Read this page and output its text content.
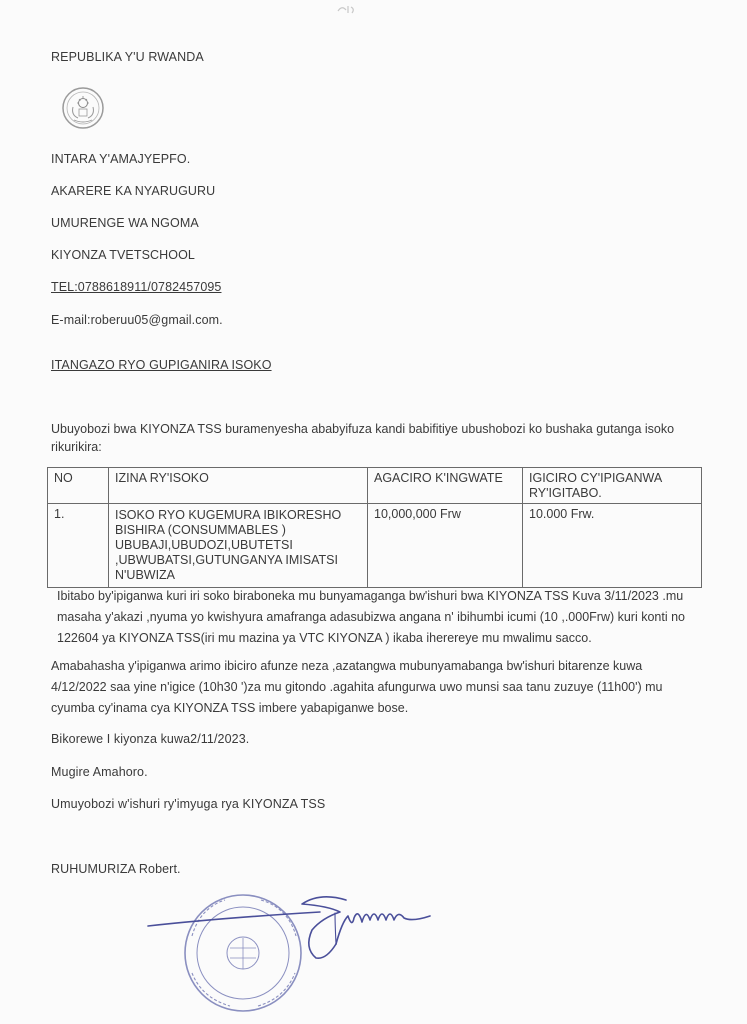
REPUBLIKA Y'U RWANDA
INTARA Y'AMAJYEPFO.
AKARERE KA NYARUGURU
UMURENGE WA NGOMA
KIYONZA TVETSCHOOL
TEL:0788618911/0782457095
E-mail:roberuu05@gmail.com.
ITANGAZO RYO GUPIGANIRA ISOKO
Ubuyobozi bwa KIYONZA TSS buramenyesha ababyifuza kandi babifitiye ubushobozi ko bushaka gutanga isoko rikurikira:
NO	IZINA RY'ISOKO	AGACIRO K'INGWATE	IGICIRO CY'IPIGANWA RY'IGITABO.
1.	ISOKO RYO KUGEMURA IBIKORESHO BISHIRA (CONSUMMABLES ) UBUBAJI,UBUDOZI,UBUTETSI ,UBWUBATSI,GUTUNGANYA IMISATSI N'UBWIZA	10,000,000 Frw	10.000 Frw.
Ibitabo by'ipiganwa kuri iri soko biraboneka mu bunyamaganga bw'ishuri bwa KIYONZA TSS Kuva 3/11/2023 .mu masaha y'akazi ,nyuma yo kwishyura amafranga adasubizwa angana n' ibihumbi icumi (10 ,.000Frw) kuri konti no 122604 ya KIYONZA TSS(iri mu mazina ya VTC KIYONZA ) ikaba iherereye mu mwalimu sacco.
Amabahasha y'ipiganwa arimo ibiciro afunze neza ,azatangwa mubunyamabanga bw'ishuri bitarenze kuwa 4/12/2022 saa yine n'igice (10h30 ')za mu gitondo .agahita afungurwa uwo munsi saa tanu zuzuye (11h00') mu cyumba cy'inama cya KIYONZA TSS imbere yabapiganwe bose.
Bikorewe I kiyonza kuwa2/11/2023.
Mugire Amahoro.
Umuyobozi w'ishuri ry'imyuga rya KIYONZA TSS
RUHUMURIZA Robert.
